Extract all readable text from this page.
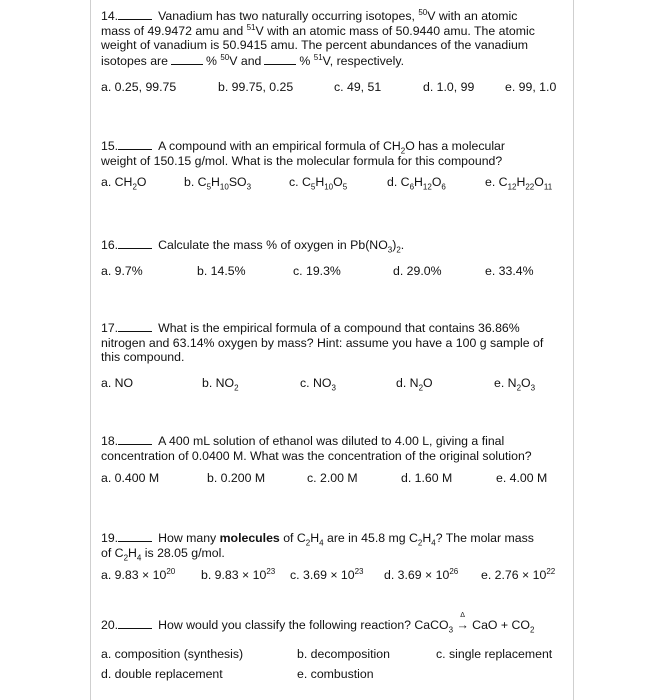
14.	Vanadium has two naturally occurring isotopes, $^{50}$V with an atomic

mass of 49.9472 amu and $^{51}$V with an atomic mass of 50.9440 amu. The atomic

weight of vanadium is 50.9415 amu. The percent abundances of the vanadium

isotopes are	% $^{50}$V and	% $^{51}$V, respectively.

a. 0.25, 99.75	b. 99.75, 0.25	c. 49, 51	d. 1.0, 99 e. 99, 1.0

15.	A compound with an empirical formula of $CH_2O$ has a molecular

weight of 150.15 g/mol. What is the molecular formula for this compound?

a. $CH_2O$	b. $C_5H_{10}SO_3$	c. $C_5H_{10}O_5$	d. $C_6H_{12}O_6$	e. $C_{12}H_{22}O_{11}$

16.	Calculate the mass % of oxygen in $Pb(NO_3)_2$.

a. 9.7%	b. 14.5%	c. 19.3%	d. 29.0%	e. 33.4%

17.	What is the empirical formula of a compound that contains 36.86%

nitrogen and 63.14% oxygen by mass? Hint: assume you have a 100 g sample of

this compound.

a. NO	b. $NO_2$	c. $NO_3$	d. $N_2O$	e. $N_2O_3$

18.	A 400 mL solution of ethanol was diluted to 4.00 L, giving a final

concentration of 0.0400 M. What was the concentration of the original solution?

a. 0.400 M	b. 0.200 M	c. 2.00 M	d. 1.60 M	e. 4.00 M

19.	How many molecules of $C_2H_4$ are in 45.8 mg $C_2H_4$? The molar mass

of $C_2H_4$ is 28.05 g/mol.

a. $9.83 \times 10^{20}$ b. $9.83 \times 10^{23}$ c. $3.69 \times 10^{23}$ d. $3.69 \times 10^{26}$ e. $2.76 \times 10^{22}$

20.	How would you classify the following reaction? CaCO$_3$
Δ
→ CaO + $CO_2$

a. composition (synthesis)	b. decomposition	c. single replacement
d. double replacement	e. combustion
